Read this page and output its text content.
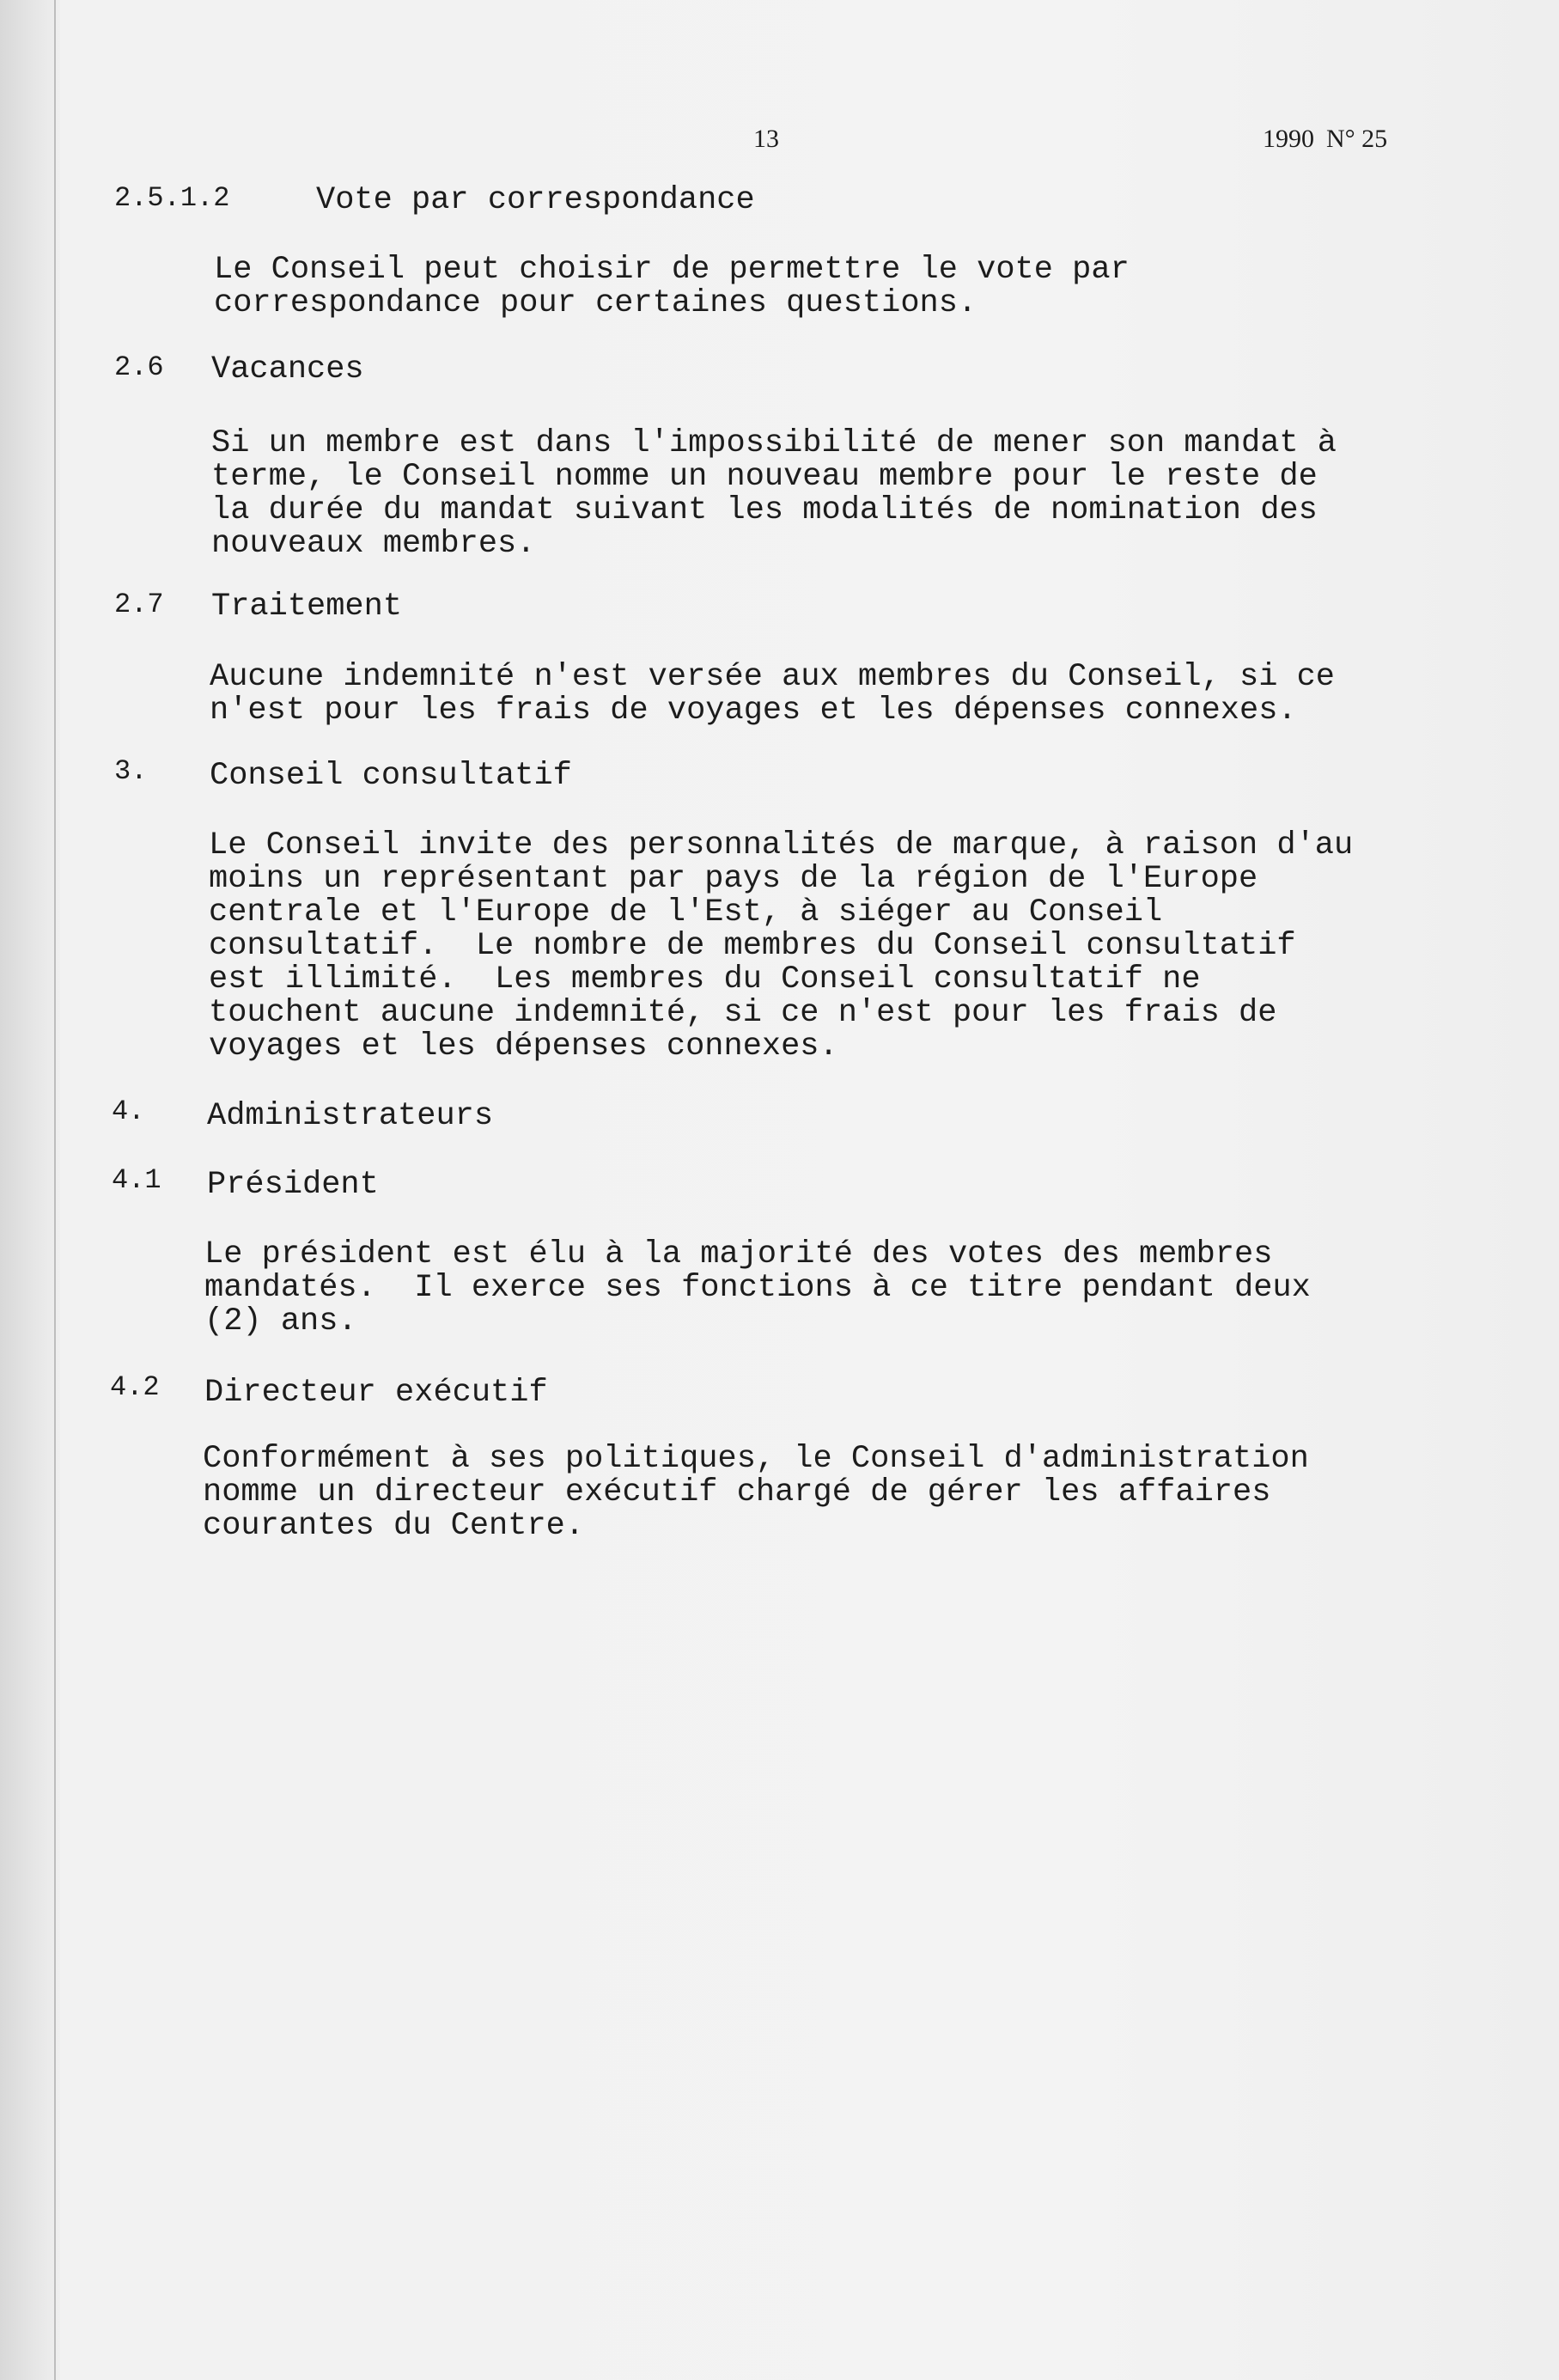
13	1990 N° 25
2.5.1.2	Vote par correspondance
Le Conseil peut choisir de permettre le vote par
correspondance pour certaines questions.
2.6 Vacances
Si un membre est dans l'impossibilité de mener son mandat à
terme, le Conseil nomme un nouveau membre pour le reste de
la durée du mandat suivant les modalités de nomination des
nouveaux membres.
2.7 Traitement
Aucune indemnité n'est versée aux membres du Conseil, si ce
n'est pour les frais de voyages et les dépenses connexes.
3. Conseil consultatif
Le Conseil invite des personnalités de marque, à raison d'au
moins un représentant par pays de la région de l'Europe
centrale et l'Europe de l'Est, à siéger au Conseil
consultatif.  Le nombre de membres du Conseil consultatif
est illimité.  Les membres du Conseil consultatif ne
touchent aucune indemnité, si ce n'est pour les frais de
voyages et les dépenses connexes.
4. Administrateurs
4.1 Président
Le président est élu à la majorité des votes des membres
mandatés.  Il exerce ses fonctions à ce titre pendant deux
(2) ans.
4.2 Directeur exécutif
Conformément à ses politiques, le Conseil d'administration
nomme un directeur exécutif chargé de gérer les affaires
courantes du Centre.
